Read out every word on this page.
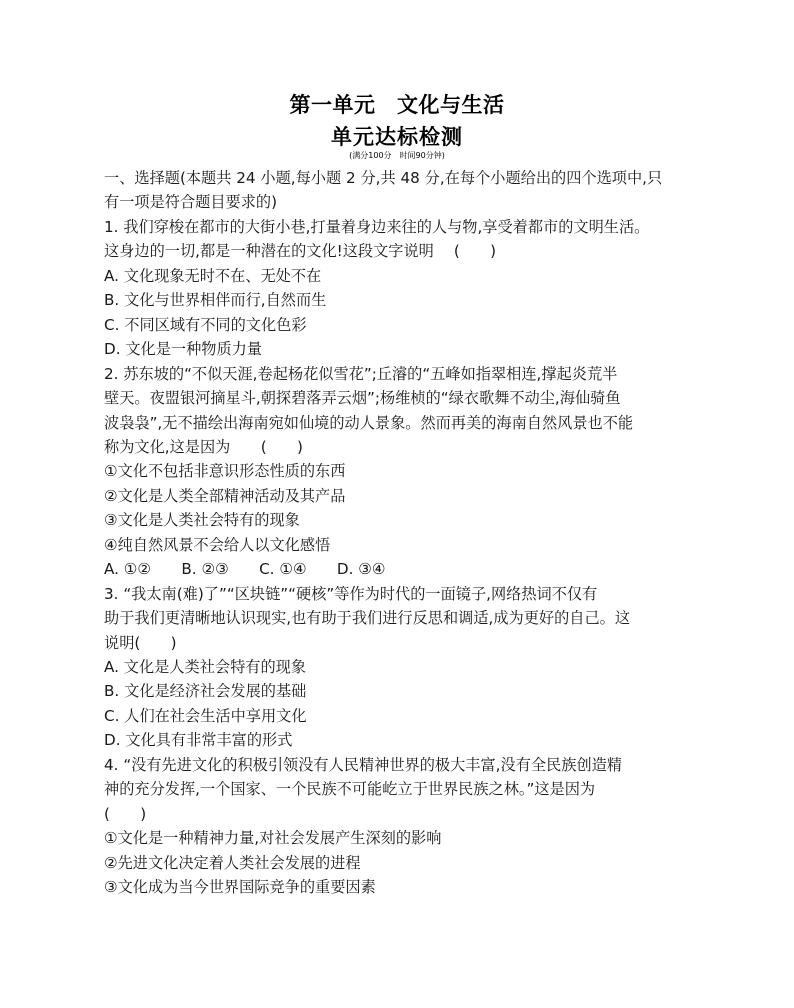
第一单元　文化与生活
单元达标检测
(满分100分　时间90分钟)
一、选择题(本题共 24 小题,每小题 2 分,共 48 分,在每个小题给出的四个选项中,只
有一项是符合题目要求的)
1. 我们穿梭在都市的大街小巷,打量着身边来往的人与物,享受着都市的文明生活。
这身边的一切,都是一种潜在的文化!这段文字说明　 (　　)
A. 文化现象无时不在、无处不在
B. 文化与世界相伴而行,自然而生
C. 不同区域有不同的文化色彩
D. 文化是一种物质力量
2. 苏东坡的“不似天涯,卷起杨花似雪花”;丘濬的“五峰如指翠相连,撑起炎荒半
壁天。夜盟银河摘星斗,朝探碧落弄云烟”;杨维桢的“绿衣歌舞不动尘,海仙骑鱼
波袅袅”,无不描绘出海南宛如仙境的动人景象。然而再美的海南自然风景也不能
称为文化,这是因为　　(　　)
①文化不包括非意识形态性质的东西
②文化是人类全部精神活动及其产品
③文化是人类社会特有的现象
④纯自然风景不会给人以文化感悟
A. ①②　　B. ②③　　C. ①④　　D. ③④
3. “我太南(难)了”“区块链”“硬核”等作为时代的一面镜子,网络热词不仅有
助于我们更清晰地认识现实,也有助于我们进行反思和调适,成为更好的自己。这
说明(　　)
A. 文化是人类社会特有的现象
B. 文化是经济社会发展的基础
C. 人们在社会生活中享用文化
D. 文化具有非常丰富的形式
4. “没有先进文化的积极引领没有人民精神世界的极大丰富,没有全民族创造精
神的充分发挥,一个国家、一个民族不可能屹立于世界民族之林。”这是因为
(　　)
①文化是一种精神力量,对社会发展产生深刻的影响
②先进文化决定着人类社会发展的进程
③文化成为当今世界国际竞争的重要因素
